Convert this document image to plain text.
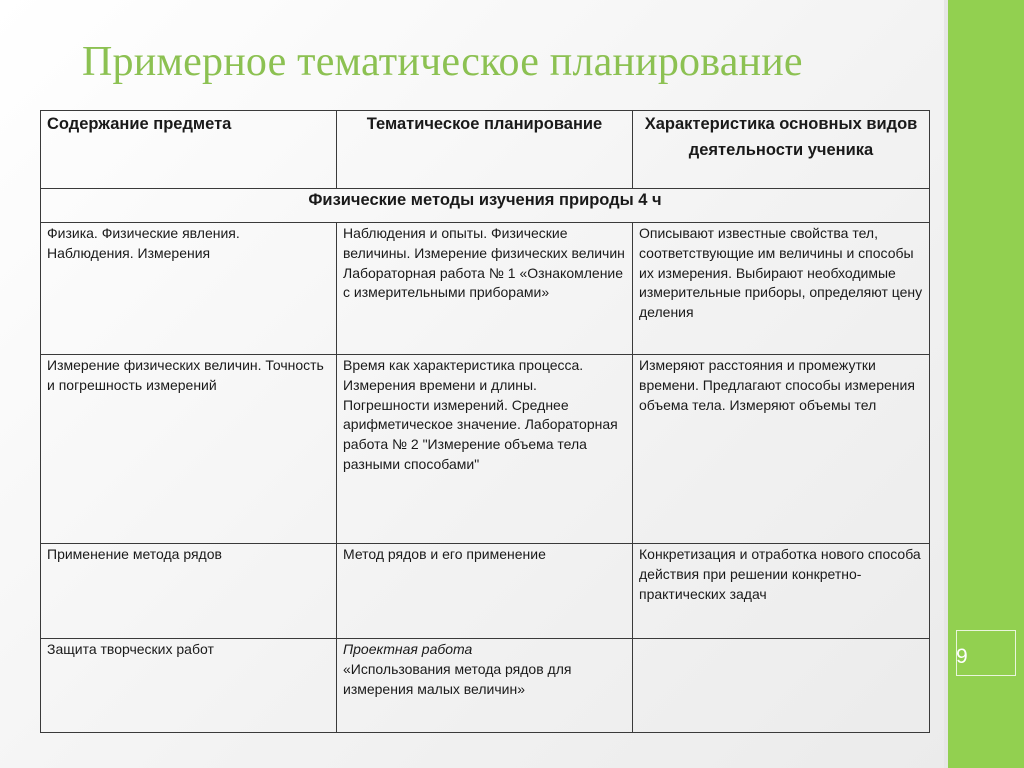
9
Примерное тематическое планирование
Содержание предмета	Тематическое планирование	Характеристика основных видов деятельности ученика
Физические методы изучения природы 4 ч		
Физика. Физические явления. Наблюдения. Измерения	Наблюдения и опыты. Физические величины. Измерение физических величин Лабораторная работа № 1 «Ознакомление с измерительными приборами»	Описывают известные свойства тел, соответствующие им величины и способы их измерения. Выбирают необходимые измерительные приборы, определяют цену деления
Измерение физических величин. Точность и погрешность измерений	Время как характеристика процесса. Измерения времени и длины. Погрешности измерений. Среднее арифметическое значение. Лабораторная работа № 2 "Измерение объема тела разными способами"	Измеряют расстояния и промежутки времени. Предлагают способы измерения объема тела. Измеряют объемы тел
Применение метода рядов	Метод рядов и его применение	Конкретизация и отработка нового способа действия при решении конкретно-практических задач
Защита творческих работ	Проектная работа
«Использования метода рядов для измерения малых величин»	
